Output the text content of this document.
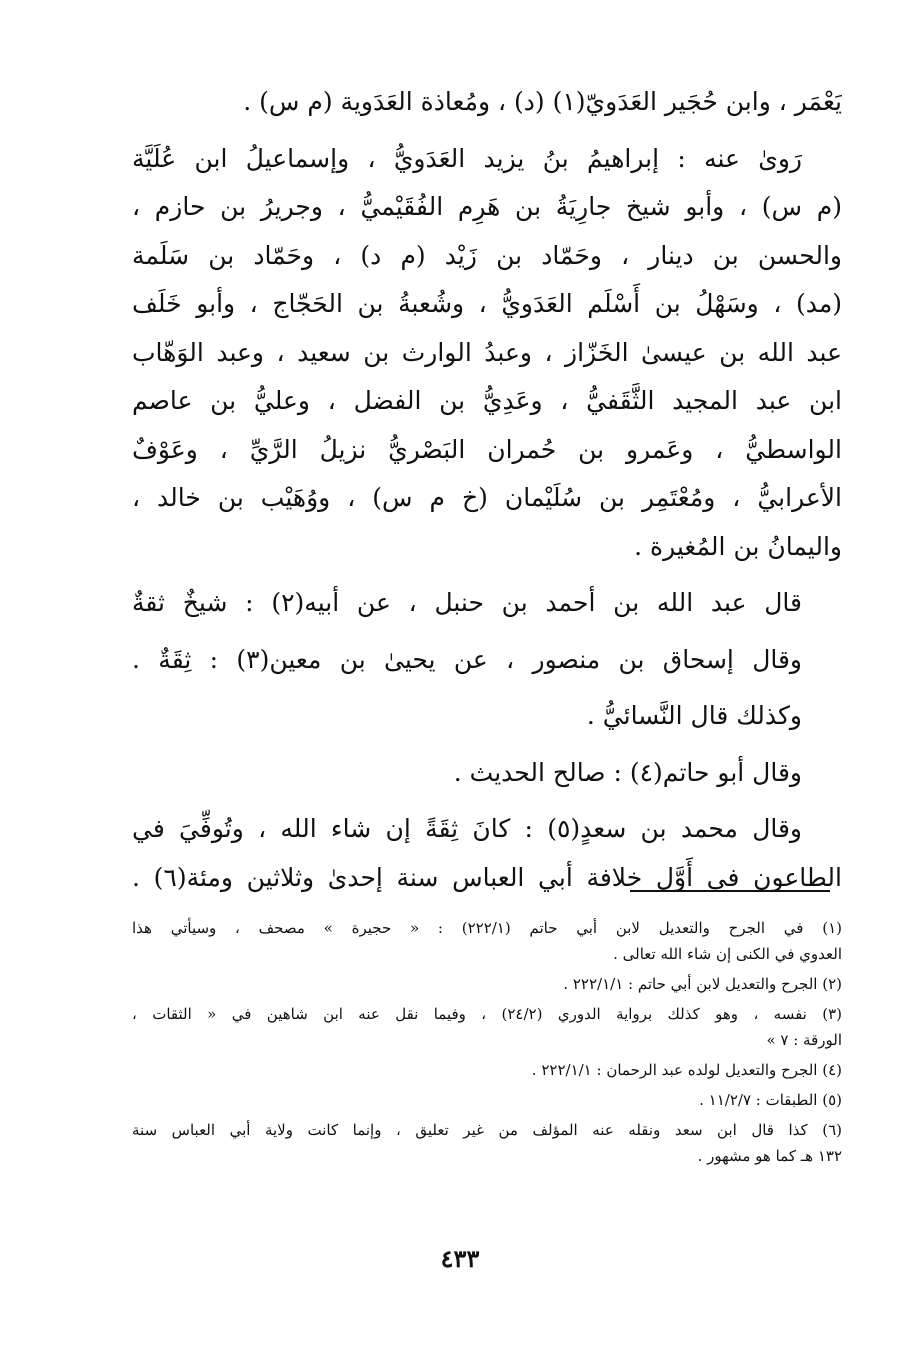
يَعْمَر ، وابن حُجَير العَدَويّ(١) (د) ، ومُعاذة العَدَوية (م س) .
رَوىٰ عنه : إبراهيمُ بنُ يزيد العَدَويُّ ، وإسماعيلُ ابن عُلَيَّة
(م س) ، وأبو شيخ جارِيَةُ بن هَرِم الفُقَيْميُّ ، وجريرُ بن حازم ،
والحسن بن دينار ، وحَمّاد بن زَيْد (م د) ، وحَمّاد بن سَلَمة
(مد) ، وسَهْلُ بن أَسْلَم العَدَويُّ ، وشُعبةُ بن الحَجّاج ، وأبو خَلَف
عبد الله بن عيسىٰ الخَزّاز ، وعبدُ الوارث بن سعيد ، وعبد الوَهّاب
ابن عبد المجيد الثَّقَفيُّ ، وعَدِيُّ بن الفضل ، وعليُّ بن عاصم
الواسطيُّ ، وعَمرو بن حُمران البَصْريُّ نزيلُ الرَّيِّ ، وعَوْفٌ
الأعرابيُّ ، ومُعْتَمِر بن سُلَيْمان (خ م س) ، ووُهَيْب بن خالد ،
واليمانُ بن المُغيرة .
قال عبد الله بن أحمد بن حنبل ، عن أبيه(٢) : شيخٌ ثقةٌ
وقال إسحاق بن منصور ، عن يحيىٰ بن معين(٣) : ثِقَةٌ .
وكذلك قال النَّسائيُّ .
وقال أبو حاتم(٤) : صالح الحديث .
وقال محمد بن سعدٍ(٥) : كانَ ثِقَةً إن شاء الله ، وتُوفِّيَ في
الطاعون في أَوَّل خلافة أبي العباس سنة إحدىٰ وثلاثين ومئة(٦) .
(١) في الجرح والتعديل لابن أبي حاتم (٢٢٢/١) : « حجيرة » مصحف ، وسيأتي هذا
العدوي في الكنى إن شاء الله تعالى .
(٢) الجرح والتعديل لابن أبي حاتم : ٢٢٢/١/١ .
(٣) نفسه ، وهو كذلك برواية الدوري (٢٤/٢) ، وفيما نقل عنه ابن شاهين في « الثقات ،
الورقة : ٧ »
(٤) الجرح والتعديل لولده عبد الرحمان : ٢٢٢/١/١ .
(٥) الطبقات : ١١/٢/٧ .
(٦) كذا قال ابن سعد ونقله عنه المؤلف من غير تعليق ، وإنما كانت ولاية أبي العباس سنة
١٣٢ هـ كما هو مشهور .
٤٣٣
